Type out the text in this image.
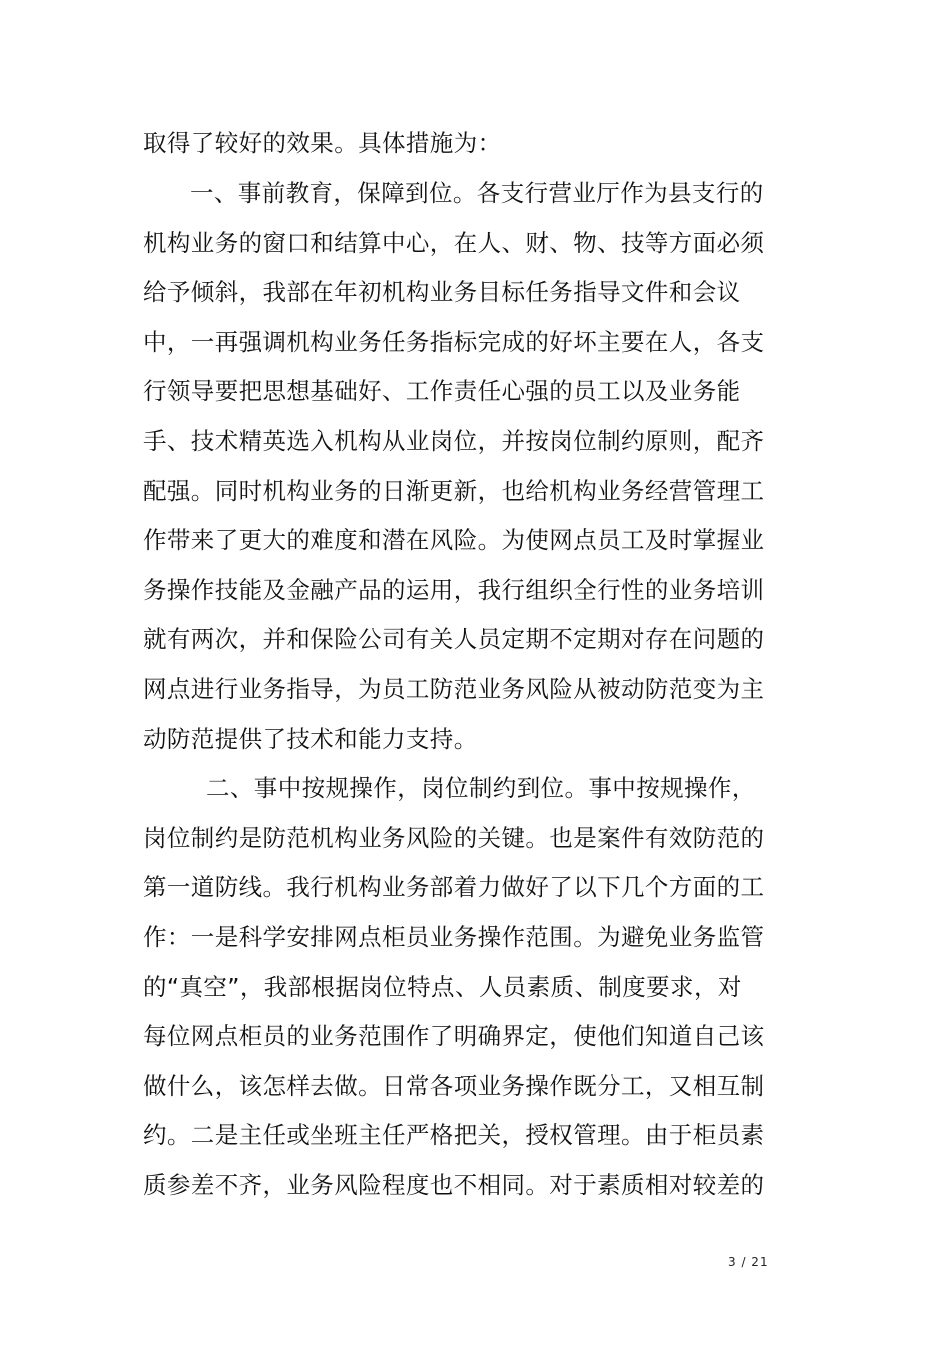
取得了较好的效果。具体措施为：
一、事前教育，保障到位。各支行营业厅作为县支行的
机构业务的窗口和结算中心，在人、财、物、技等方面必须
给予倾斜，我部在年初机构业务目标任务指导文件和会议
中，一再强调机构业务任务指标完成的好坏主要在人，各支
行领导要把思想基础好、工作责任心强的员工以及业务能
手、技术精英选入机构从业岗位，并按岗位制约原则，配齐
配强。同时机构业务的日渐更新，也给机构业务经营管理工
作带来了更大的难度和潜在风险。为使网点员工及时掌握业
务操作技能及金融产品的运用，我行组织全行性的业务培训
就有两次，并和保险公司有关人员定期不定期对存在问题的
网点进行业务指导，为员工防范业务风险从被动防范变为主
动防范提供了技术和能力支持。
二、事中按规操作，岗位制约到位。事中按规操作，
岗位制约是防范机构业务风险的关键。也是案件有效防范的
第一道防线。我行机构业务部着力做好了以下几个方面的工
作：一是科学安排网点柜员业务操作范围。为避免业务监管
的“真空”，我部根据岗位特点、人员素质、制度要求，对
每位网点柜员的业务范围作了明确界定，使他们知道自己该
做什么，该怎样去做。日常各项业务操作既分工，又相互制
约。二是主任或坐班主任严格把关，授权管理。由于柜员素
质参差不齐，业务风险程度也不相同。对于素质相对较差的
3 / 21
